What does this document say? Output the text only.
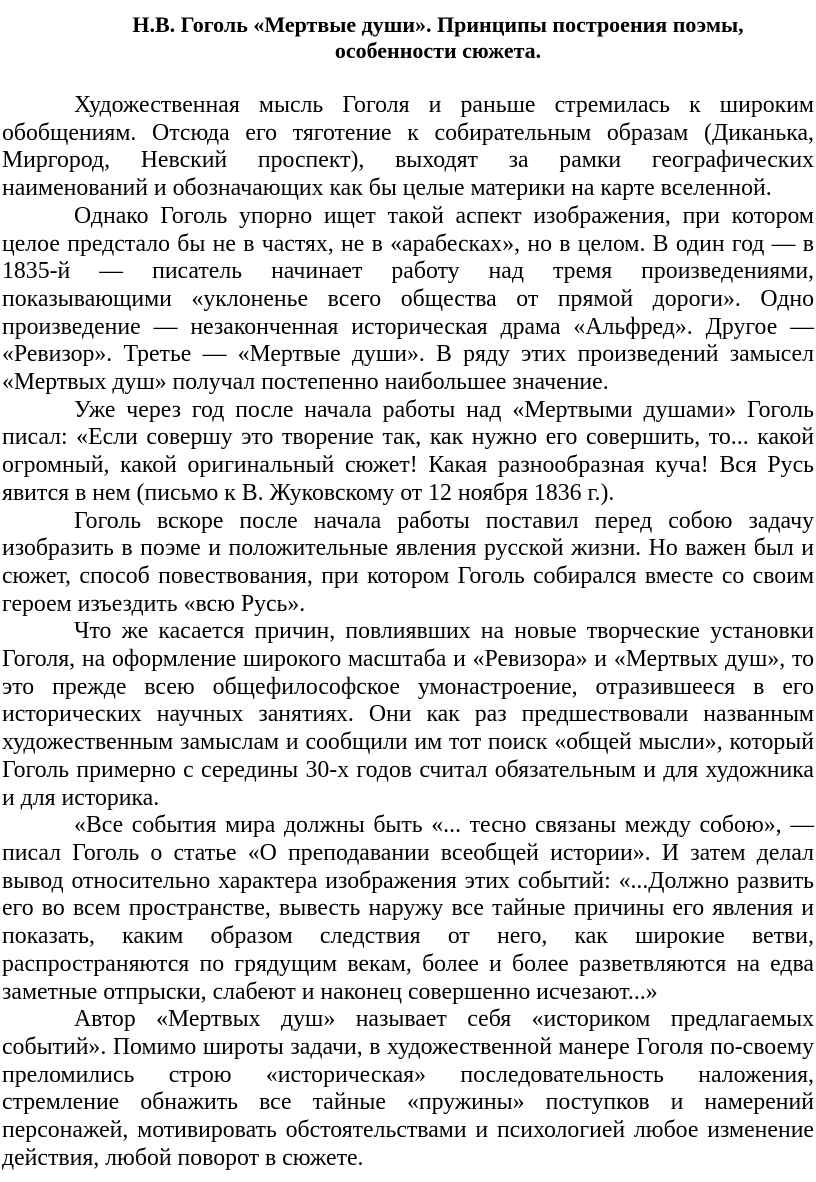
Н.В. Гоголь «Мертвые души». Принципы построения поэмы,
особенности сюжета.

Художественная мысль Гоголя и раньше стремилась к широким обобщениям. Отсюда его тяготение к собирательным образам (Диканька, Миргород, Невский проспект), выходят за рамки географических наименований и обозначающих как бы целые материки на карте вселенной.

Однако Гоголь упорно ищет такой аспект изображения, при котором целое предстало бы не в частях, не в «арабесках», но в целом. В один год — в 1835-й — писатель начинает работу над тремя произведениями, показывающими «уклоненье всего общества от прямой дороги». Одно произведение — незаконченная историческая драма «Альфред». Другое — «Ревизор». Третье — «Мертвые души». В ряду этих произведений замысел «Мертвых душ» получал постепенно наибольшее значение.

Уже через год после начала работы над «Мертвыми душами» Гоголь писал: «Если совершу это творение так, как нужно его совершить, то... какой огромный, какой оригинальный сюжет! Какая разнообразная куча! Вся Русь явится в нем (письмо к В. Жуковскому от 12 ноября 1836 г.).

Гоголь вскоре после начала работы поставил перед собою задачу изобразить в поэме и положительные явления русской жизни. Но важен был и сюжет, способ повествования, при котором Гоголь собирался вместе со своим героем изъездить «всю Русь».

Что же касается причин, повлиявших на новые творческие установки Гоголя, на оформление широкого масштаба и «Ревизора» и «Мертвых душ», то это прежде всею общефилософское умонастроение, отразившееся в его исторических научных занятиях. Они как раз предшествовали названным художественным замыслам и сообщили им тот поиск «общей мысли», который Гоголь примерно с середины 30-х годов считал обязательным и для художника и для историка.

«Все события мира должны быть «... тесно связаны между собою», — писал Гоголь о статье «О преподавании всеобщей истории». И затем делал вывод относительно характера изображения этих событий: «...Должно развить его во всем пространстве, вывесть наружу все тайные причины его явления и показать, каким образом следствия от него, как широкие ветви, распространяются по грядущим векам, более и более разветвляются на едва заметные отпрыски, слабеют и наконец совершенно исчезают...»

Автор «Мертвых душ» называет себя «историком предлагаемых событий». Помимо широты задачи, в художественной манере Гоголя по-своему преломились строю «историческая» последовательность наложения, стремление обнажить все тайные «пружины» поступков и намерений персонажей, мотивировать обстоятельствами и психологией любое изменение действия, любой поворот в сюжете.
